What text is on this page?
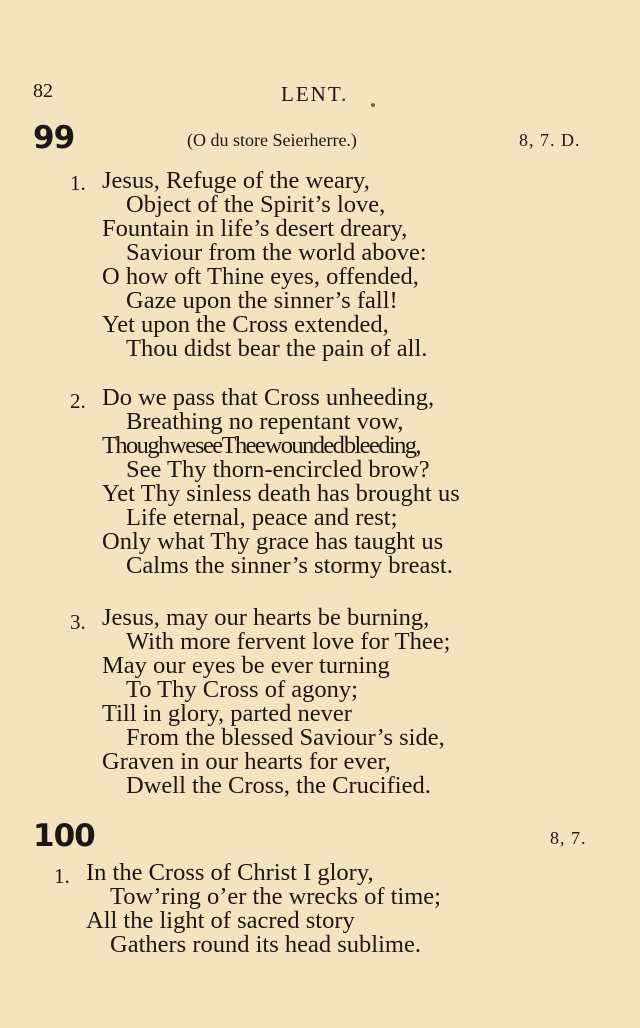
82	LENT.
99	(O du store Seierherre.)	8, 7. D.
1. Jesus, Refuge of the weary,
Object of the Spirit’s love,
Fountain in life’s desert dreary,
Saviour from the world above:
O how oft Thine eyes, offended,
Gaze upon the sinner’s fall!
Yet upon the Cross extended,
Thou didst bear the pain of all.
2. Do we pass that Cross unheeding,
Breathing no repentant vow,
Though we see Thee wounded bleeding,
See Thy thorn-encircled brow?
Yet Thy sinless death has brought us
Life eternal, peace and rest;
Only what Thy grace has taught us
Calms the sinner’s stormy breast.
3. Jesus, may our hearts be burning,
With more fervent love for Thee;
May our eyes be ever turning
To Thy Cross of agony;
Till in glory, parted never
From the blessed Saviour’s side,
Graven in our hearts for ever,
Dwell the Cross, the Crucified.
100	8, 7.
1. In the Cross of Christ I glory,
Tow’ring o’er the wrecks of time;
All the light of sacred story
Gathers round its head sublime.
